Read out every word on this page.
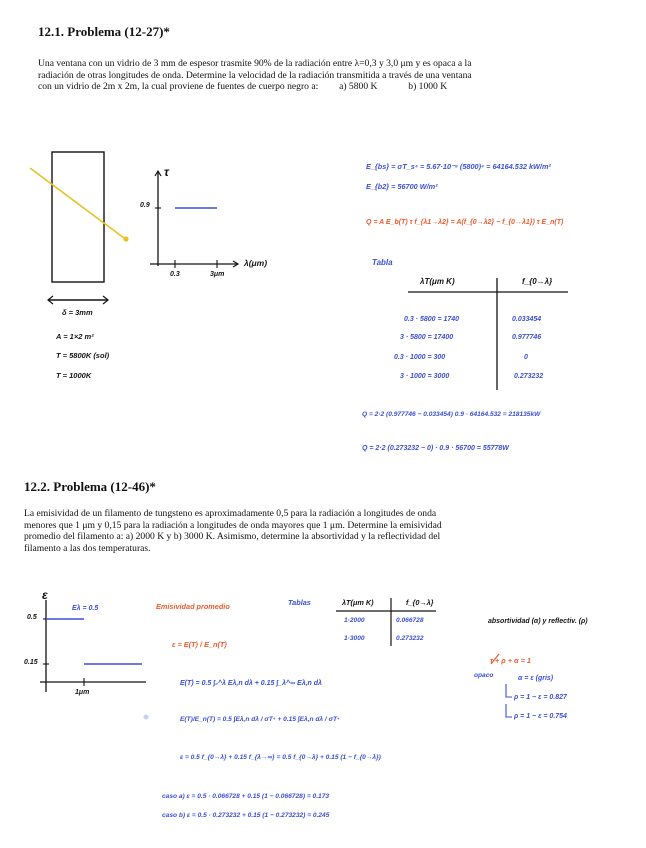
12.1. Problema (12-27)*
Una ventana con un vidrio de 3 mm de espesor trasmite 90% de la radiación entre λ=0,3 y 3,0 μm y es opaca a la
radiación de otras longitudes de onda. Determine la velocidad de la radiación transmitida a través de una ventana
con un vidrio de 2m x 2m, la cual proviene de fuentes de cuerpo negro a: a) 5800 K	b) 1000 K
τ
0.9
0.3	3μm
λ(μm)
δ = 3mm
A = 1×2 m²
T = 5800K (sol)
T = 1000K
E_{bs} = σT_s⁴ = 5.67·10⁻⁸ (5800)⁴ = 64164.532 kW/m²
E_{b2} = 56700 W/m²
Q = A E_b(T) τ f_{λ1→λ2} = A(f_{0→λ2} − f_{0→λ1}) τ E_n(T)
Tabla
λT(μm K)	f_{0→λ}
0.3 · 5800 = 1740	0.033454
3 · 5800 = 17400	0.977746
0.3 · 1000 = 300	0
3 · 1000 = 3000	0.273232
Q = 2·2 (0.977746 − 0.033454) 0.9 · 64164.532 = 218135kW
Q = 2·2 (0.273232 − 0) · 0.9 · 56700 = 55778W
12.2. Problema (12-46)*
La emisividad de un filamento de tungsteno es aproximadamente 0,5 para la radiación a longitudes de onda
menores que 1 μm y 0,15 para la radiación a longitudes de onda mayores que 1 μm. Determine la emisividad
promedio del filamento a: a) 2000 K y b) 3000 K. Asimismo, determine la absortividad y la reflectividad del
filamento a las dos temperaturas.
ε
Eλ = 0.5
0.5
0.15
1μm
Emisividad promedio	Tablas	λT(μm K)	f_{0→λ}
1·2000	0.066728
1·3000	0.273232
ε = E(T) / E_n(T)
E(T) = 0.5 ∫₀^λ Eλ,n dλ + 0.15 ∫_λ^∞ Eλ,n dλ
E(T)/E_n(T) = 0.5 ∫Eλ,n dλ / σT⁴ + 0.15 ∫Eλ,n dλ / σT⁴
ε = 0.5 f_{0→λ} + 0.15 f_{λ→∞} = 0.5 f_{0→λ} + 0.15 (1 − f_{0→λ})
caso a) ε = 0.5 · 0.066728 + 0.15 (1 − 0.066728) = 0.173
caso b) ε = 0.5 · 0.273232 + 0.15 (1 − 0.273232) = 0.245
absortividad (α) y reflectiv. (ρ)
τ + ρ + α = 1
opaco	α = ε (gris)
ρ = 1 − ε = 0.827
ρ = 1 − ε = 0.754
